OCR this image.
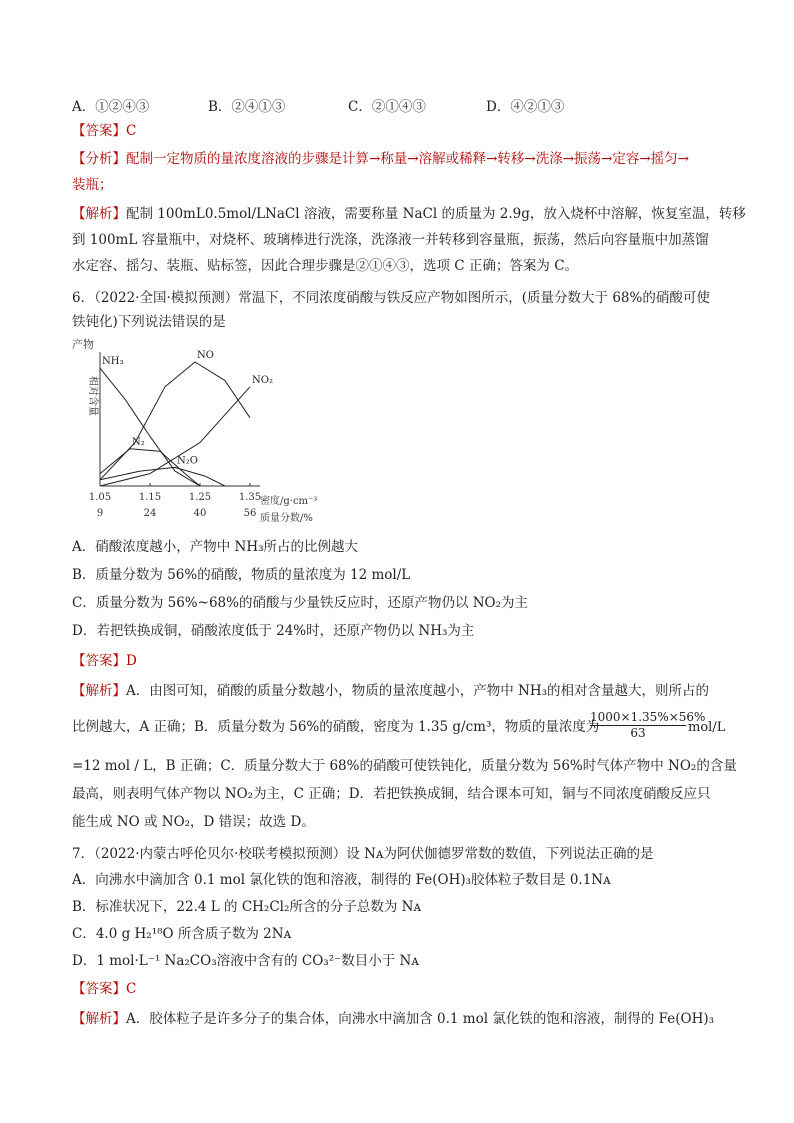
A．①②④③	B．②④①③	C．②①④③	D．④②①③
【答案】C
【分析】配制一定物质的量浓度溶液的步骤是计算→称量→溶解或稀释→转移→洗涤→振荡→定容→摇匀→
装瓶；
【解析】配制 100mL0.5mol/LNaCl 溶液，需要称量 NaCl 的质量为 2.9g，放入烧杯中溶解，恢复室温，转移
到 100mL 容量瓶中，对烧杯、玻璃棒进行洗涤，洗涤液一并转移到容量瓶，振荡，然后向容量瓶中加蒸馏
水定容、摇匀、装瓶、贴标签，因此合理步骤是②①④③，选项 C 正确；答案为 C。
6．（2022·全国·模拟预测）常温下，不同浓度硝酸与铁反应产物如图所示，(质量分数大于 68%的硝酸可使
铁钝化)下列说法错误的是
产物
相对含量
NH₃
NO
NO₂
N₂
N₂O
1.05
9
1.15
24
1.25
40
1.35
56
密度/g·cm⁻³
质量分数/%
A．硝酸浓度越小，产物中 NH₃所占的比例越大
B．质量分数为 56%的硝酸，物质的量浓度为 12 mol/L
C．质量分数为 56%~68%的硝酸与少量铁反应时，还原产物仍以 NO₂为主
D．若把铁换成铜，硝酸浓度低于 24%时，还原产物仍以 NH₃为主
【答案】D
【解析】A．由图可知，硝酸的质量分数越小，物质的量浓度越小，产物中 NH₃的相对含量越大，则所占的
比例越大，A 正确；B．质量分数为 56%的硝酸，密度为 1.35 g/cm³，物质的量浓度为
$\frac{1000\times 1.35\%\times 56\%}{63} mol/L$
=12 mol / L，B 正确；C．质量分数大于 68%的硝酸可使铁钝化，质量分数为 56%时气体产物中 NO₂的含量
最高，则表明气体产物以 NO₂为主，C 正确；D．若把铁换成铜，结合课本可知，铜与不同浓度硝酸反应只
能生成 NO 或 NO₂，D 错误；故选 D。
7．（2022·内蒙古呼伦贝尔·校联考模拟预测）设 Nᴀ为阿伏伽德罗常数的数值，下列说法正确的是
A．向沸水中滴加含 0.1 mol 氯化铁的饱和溶液，制得的 Fe(OH)₃胶体粒子数目是 0.1Nᴀ
B．标准状况下，22.4 L 的 CH₂Cl₂所含的分子总数为 Nᴀ
C．4.0 g H₂¹⁸O 所含质子数为 2Nᴀ
D．1 mol·L⁻¹ Na₂CO₃溶液中含有的 CO₃²⁻数目小于 Nᴀ
【答案】C
【解析】A．胶体粒子是许多分子的集合体，向沸水中滴加含 0.1 mol 氯化铁的饱和溶液，制得的 Fe(OH)₃
